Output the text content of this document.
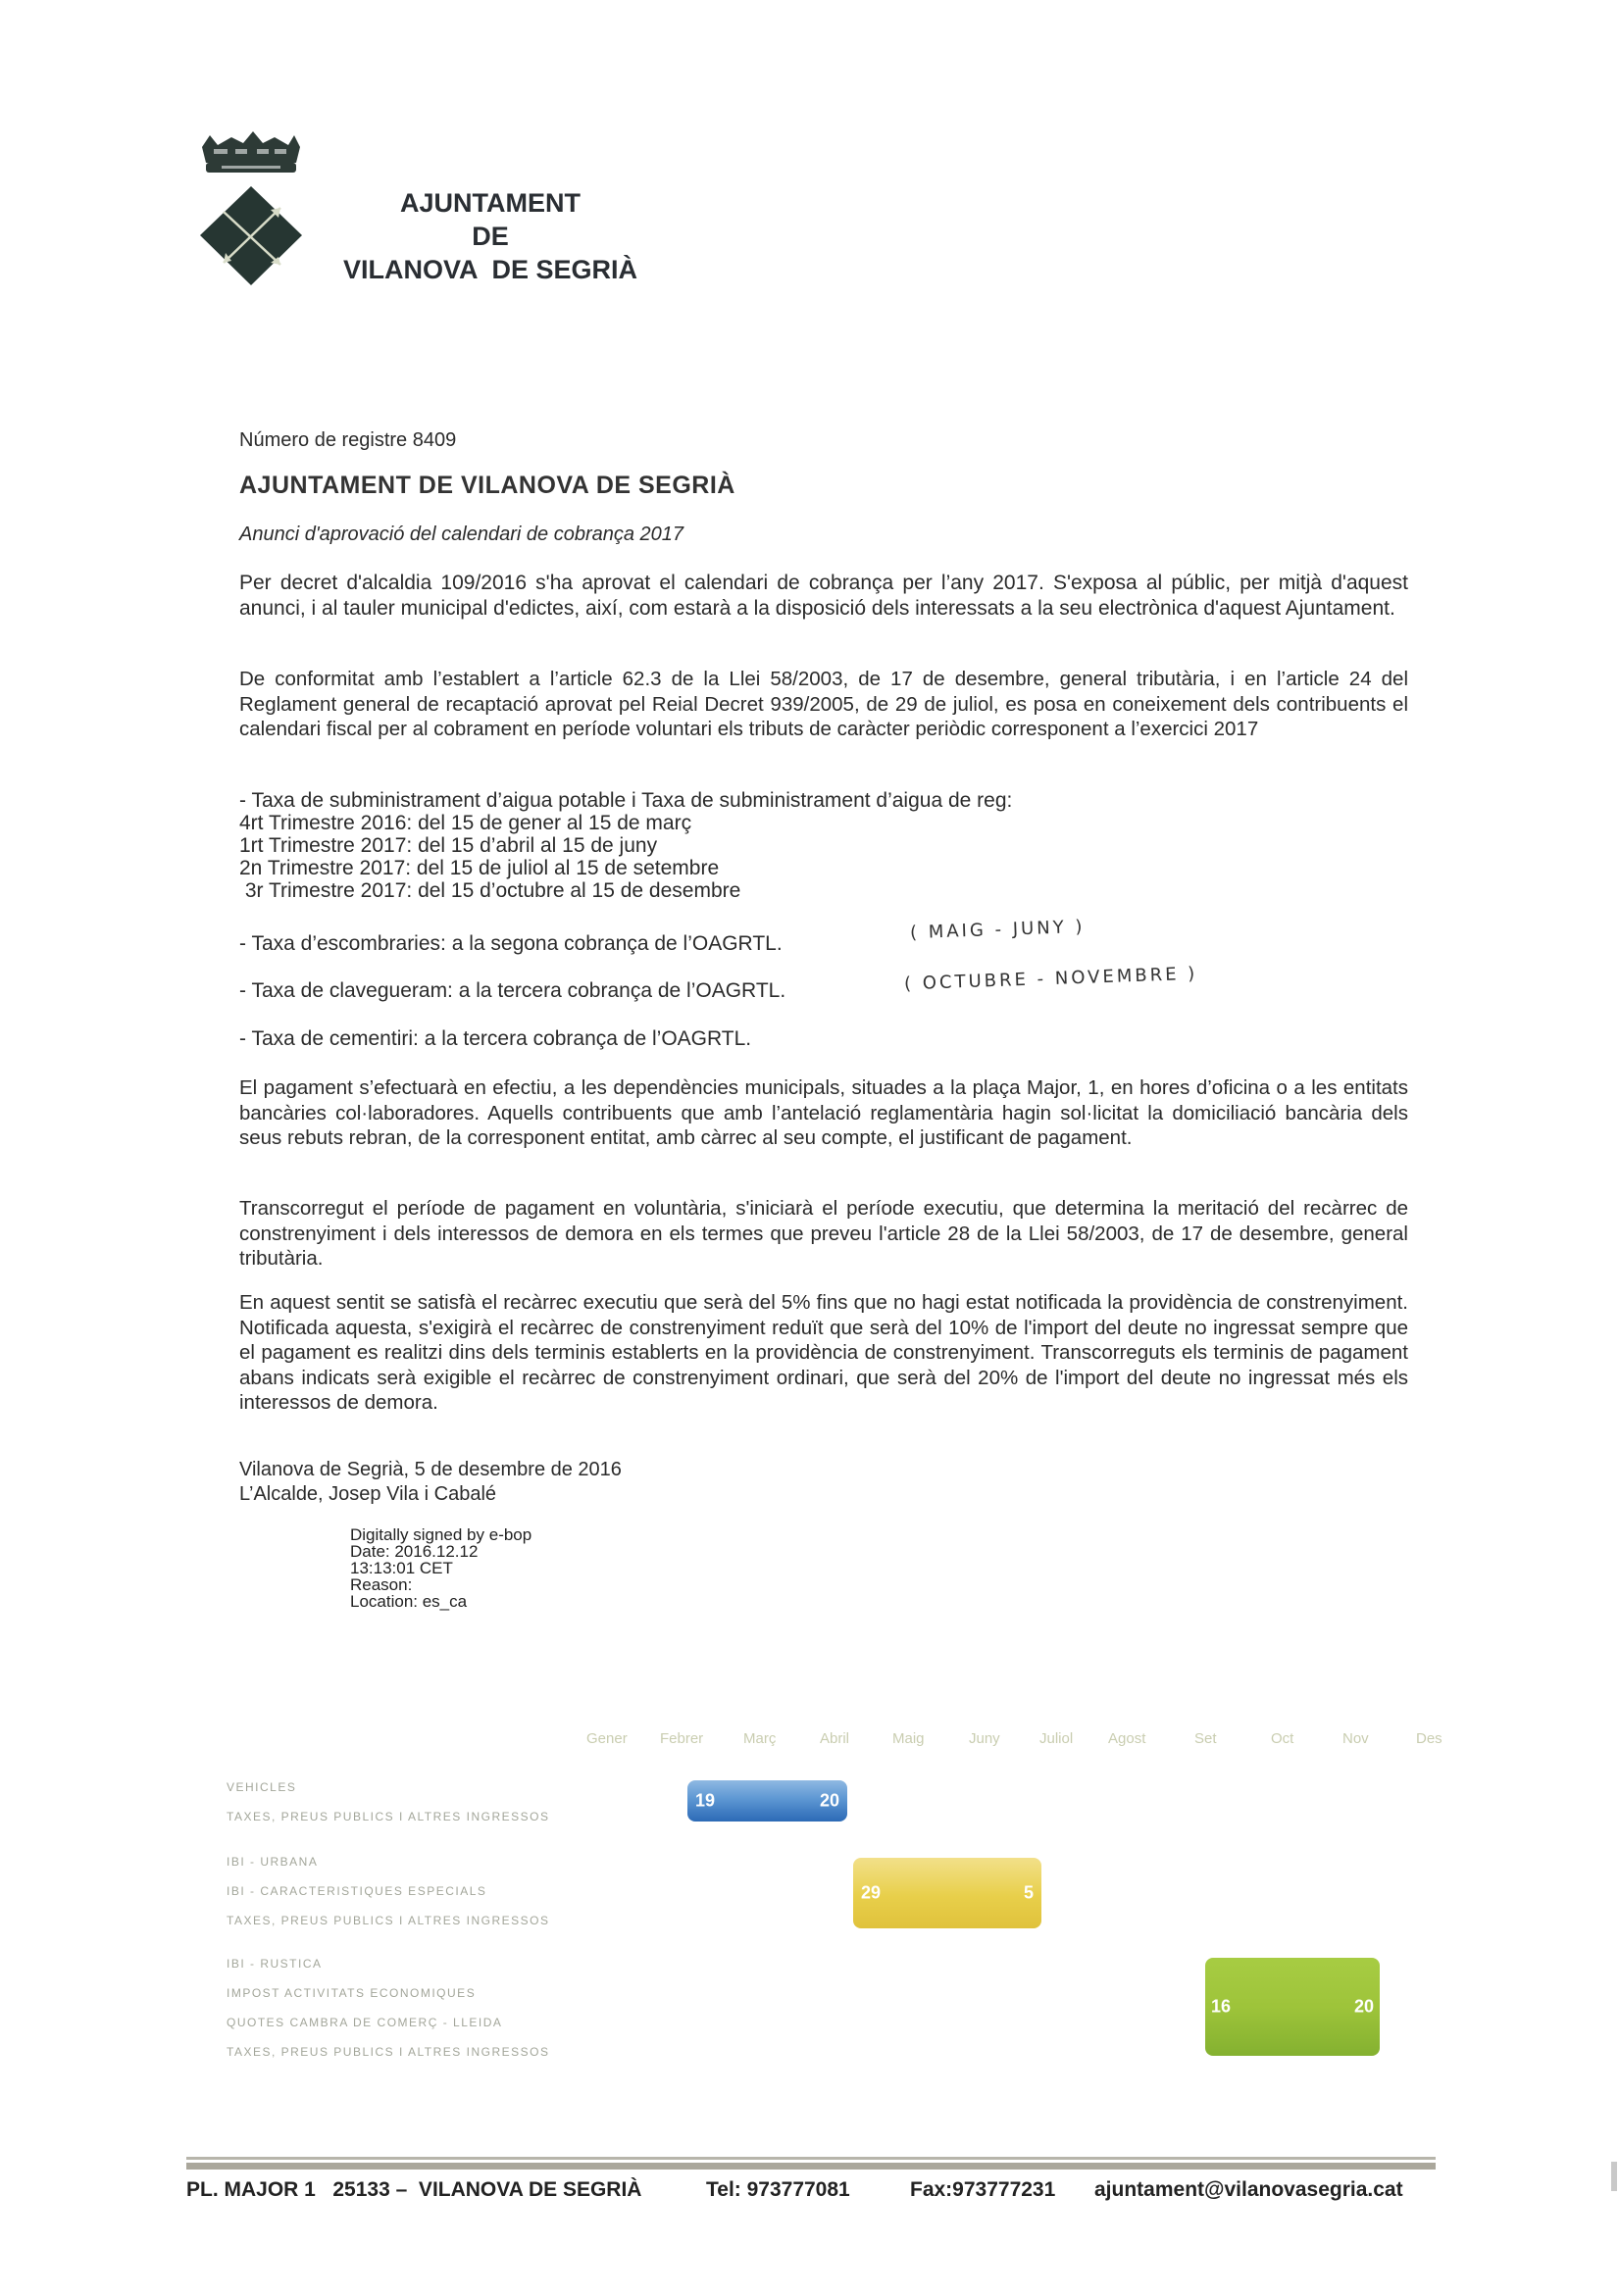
AJUNTAMENT
DE
VILANOVA  DE SEGRIÀ
Número de registre 8409
AJUNTAMENT DE VILANOVA DE SEGRIÀ
Anunci d'aprovació del calendari de cobrança 2017
Per decret d'alcaldia 109/2016 s'ha aprovat el calendari de cobrança per l’any 2017. S'exposa al públic, per mitjà d'aquest anunci, i al tauler municipal d'edictes, així, com estarà a la disposició dels interessats a la seu electrònica d'aquest Ajuntament.
De conformitat amb l’establert a l’article 62.3 de la Llei 58/2003, de 17 de desembre, general tributària, i en l’article 24 del Reglament general de recaptació aprovat pel Reial Decret 939/2005, de 29 de juliol, es posa en coneixement dels contribuents el calendari fiscal per al cobrament en període voluntari els tributs de caràcter periòdic corresponent a l’exercici 2017
- Taxa de subministrament d’aigua potable i Taxa de subministrament d’aigua de reg:
4rt Trimestre 2016: del 15 de gener al 15 de març
1rt Trimestre 2017: del 15 d’abril al 15 de juny
2n Trimestre 2017: del 15 de juliol al 15 de setembre
3r Trimestre 2017: del 15 d’octubre al 15 de desembre
- Taxa d’escombraries: a la segona cobrança de l’OAGRTL.
( MAIG - JUNY )
- Taxa de clavegueram: a la tercera cobrança de l’OAGRTL.	( OCTUBRE - NOVEMBRE )
- Taxa de cementiri: a la tercera cobrança de l’OAGRTL.
El pagament s’efectuarà en efectiu, a les dependències municipals, situades a la plaça Major, 1, en hores d’oficina o a les entitats bancàries col·laboradores. Aquells contribuents que amb l’antelació reglamentària hagin sol·licitat la domiciliació bancària dels seus rebuts rebran, de la corresponent entitat, amb càrrec al seu compte, el justificant de pagament.
Transcorregut el període de pagament en voluntària, s'iniciarà el període executiu, que determina la meritació del recàrrec de constrenyiment i dels interessos de demora en els termes que preveu l'article 28 de la Llei 58/2003, de 17 de desembre, general tributària.
En aquest sentit se satisfà el recàrrec executiu que serà del 5% fins que no hagi estat notificada la providència de constrenyiment. Notificada aquesta, s'exigirà el recàrrec de constrenyiment reduït que serà del 10% de l'import del deute no ingressat sempre que el pagament es realitzi dins dels terminis establerts en la providència de constrenyiment. Transcorreguts els terminis de pagament abans indicats serà exigible el recàrrec de constrenyiment ordinari, que serà del 20% de l'import del deute no ingressat més els interessos de demora.
Vilanova de Segrià, 5 de desembre de 2016
L’Alcalde, Josep Vila i Cabalé
Digitally signed by e-bop
Date: 2016.12.12
13:13:01 CET
Reason:
Location: es_ca
Gener Febrer	Març	Abril	Maig	Juny	Juliol Agost	Set	Oct	Nov	Des
VEHICLES
TAXES, PREUS PUBLICS I ALTRES INGRESSOS
IBI - URBANA
IBI - CARACTERISTIQUES ESPECIALS
TAXES, PREUS PUBLICS I ALTRES INGRESSOS
IBI - RUSTICA
IMPOST ACTIVITATS ECONOMIQUES
QUOTES CAMBRA DE COMERÇ - LLEIDA
TAXES, PREUS PUBLICS I ALTRES INGRESSOS
19	20
29	5
16	20

PL. MAJOR 1   25133 –  VILANOVA DE SEGRIÀ

	Tel: 973777081

	Fax:973777231

ajuntament@vilanovasegria.cat
